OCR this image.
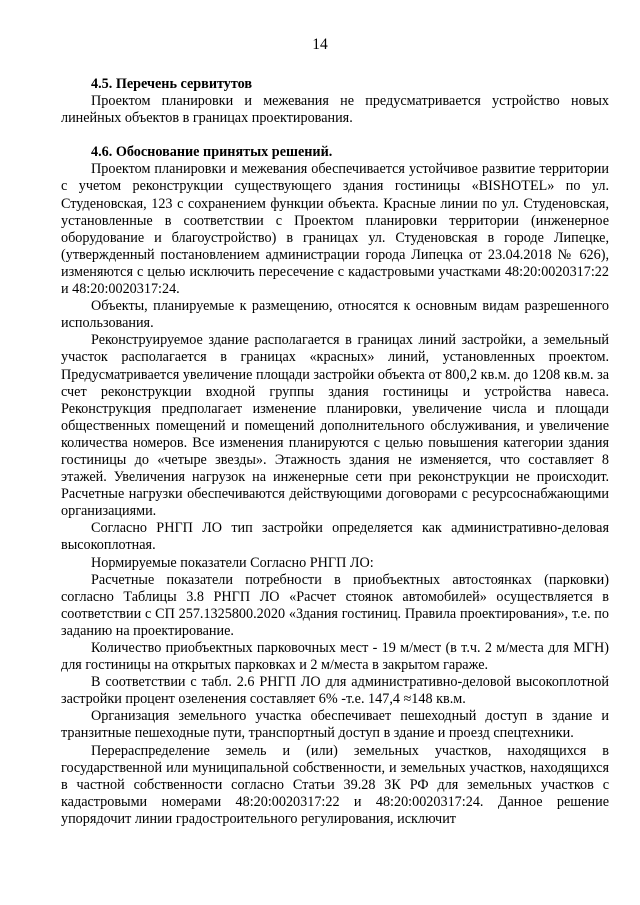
14

4.5. Перечень сервитутов

Проектом планировки и межевания не предусматривается устройство новых линейных объектов в границах проектирования.

4.6. Обоснование принятых решений.

Проектом планировки и межевания обеспечивается устойчивое развитие территории с учетом реконструкции существующего здания гостиницы «BISHOTEL» по ул. Студеновская, 123 с сохранением функции объекта. Красные линии по ул. Студеновская, установленные в соответствии с Проектом планировки территории (инженерное оборудование и благоустройство) в границах ул. Студеновская в городе Липецке, (утвержденный постановлением администрации города Липецка от 23.04.2018 № 626), изменяются с целью исключить пересечение с кадастровыми участками 48:20:0020317:22 и 48:20:0020317:24.

Объекты, планируемые к размещению, относятся к основным видам разрешенного использования.

Реконструируемое здание располагается в границах линий застройки, а земельный участок располагается в границах «красных» линий, установленных проектом. Предусматривается увеличение площади застройки объекта от 800,2 кв.м. до 1208 кв.м. за счет реконструкции входной группы здания гостиницы и устройства навеса. Реконструкция предполагает изменение планировки, увеличение числа и площади общественных помещений и помещений дополнительного обслуживания, и увеличение количества номеров. Все изменения планируются с целью повышения категории здания гостиницы до «четыре звезды». Этажность здания не изменяется, что составляет 8 этажей. Увеличения нагрузок на инженерные сети при реконструкции не происходит. Расчетные нагрузки обеспечиваются действующими договорами с ресурсоснабжающими организациями.

Согласно РНГП ЛО тип застройки определяется как административно-деловая высокоплотная.

Нормируемые показатели Согласно РНГП ЛО:

Расчетные показатели потребности в приобъектных автостоянках (парковки) согласно Таблицы 3.8 РНГП ЛО «Расчет стоянок автомобилей» осуществляется в соответствии с СП 257.1325800.2020 «Здания гостиниц. Правила проектирования», т.е. по заданию на проектирование.

Количество приобъектных парковочных мест - 19 м/мест (в т.ч. 2 м/места для МГН) для гостиницы на открытых парковках и 2 м/места в закрытом гараже.

В соответствии с табл. 2.6 РНГП ЛО для административно-деловой высокоплотной застройки процент озеленения составляет 6% -т.е. 147,4 ≈148 кв.м.

Организация земельного участка обеспечивает пешеходный доступ в здание и транзитные пешеходные пути, транспортный доступ в здание и проезд спецтехники.

Перераспределение земель и (или) земельных участков, находящихся в государственной или муниципальной собственности, и земельных участков, находящихся в частной собственности согласно Статьи 39.28 ЗК РФ для земельных участков с кадастровыми номерами 48:20:0020317:22 и 48:20:0020317:24. Данное решение упорядочит линии градостроительного регулирования, исключит
